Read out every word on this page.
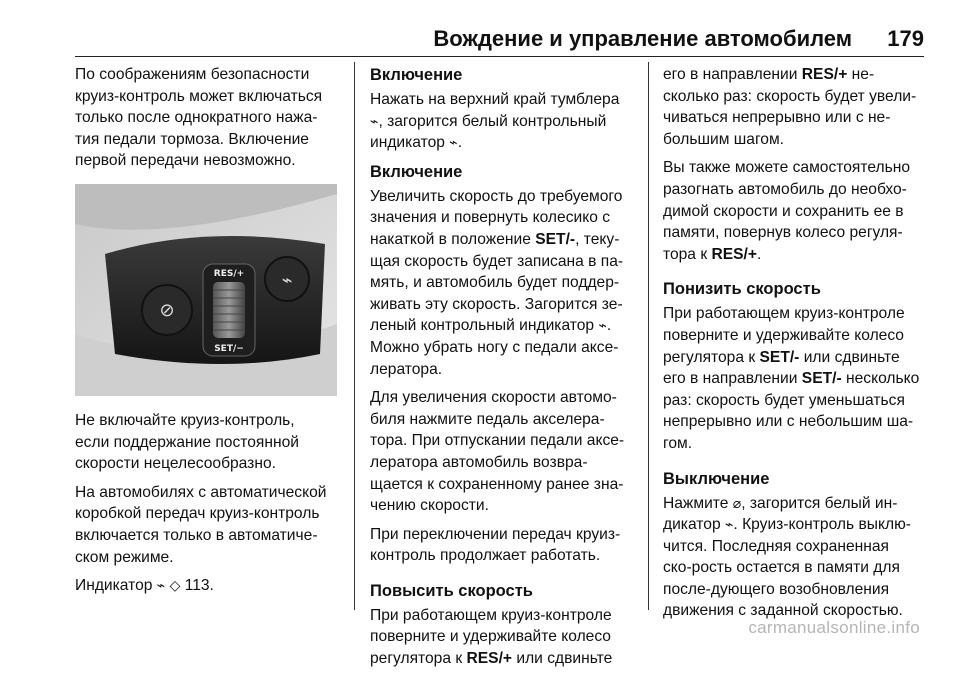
Вождение и управление автомобилем 179

По соображениям безопасности круиз-контроль может включаться только после однократного нажа-тия педали тормоза. Включение первой передачи невозможно.

⊘
⌁
RES/+
SET/−

Не включайте круиз-контроль, если поддержание постоянной скорости нецелесообразно.

На автомобилях с автоматической коробкой передач круиз-контроль включается только в автоматиче-ском режиме.

Индикатор ⌁ ◇ 113.

Включение

Нажать на верхний край тумблера ⌁, загорится белый контрольный индикатор ⌁.

Включение

Увеличить скорость до требуемого значения и повернуть колесико с накаткой в положение SET/-, теку-щая скорость будет записана в па-мять, и автомобиль будет поддер-живать эту скорость. Загорится зе-леный контрольный индикатор ⌁. Можно убрать ногу с педали аксе-лератора.

Для увеличения скорости автомо-биля нажмите педаль акселера-тора. При отпускании педали аксе-лератора автомобиль возвра-щается к сохраненному ранее зна-чению скорости.

При переключении передач круиз-контроль продолжает работать.

Повысить скорость

При работающем круиз-контроле поверните и удерживайте колесо регулятора к RES/+ или сдвиньте

его в направлении RES/+ не-сколько раз: скорость будет увели-чиваться непрерывно или с не-большим шагом.

Вы также можете самостоятельно разогнать автомобиль до необхо-димой скорости и сохранить ее в памяти, повернув колесо регуля-тора к RES/+.

Понизить скорость

При работающем круиз-контроле поверните и удерживайте колесо регулятора к SET/- или сдвиньте его в направлении SET/- несколько раз: скорость будет уменьшаться непрерывно или с небольшим ша-гом.

Выключение

Нажмите ⌀, загорится белый ин-дикатор ⌁. Круиз-контроль выклю-чится. Последняя сохраненная ско-рость остается в памяти для после-дующего возобновления движения с заданной скоростью.

carmanualsonline.info
